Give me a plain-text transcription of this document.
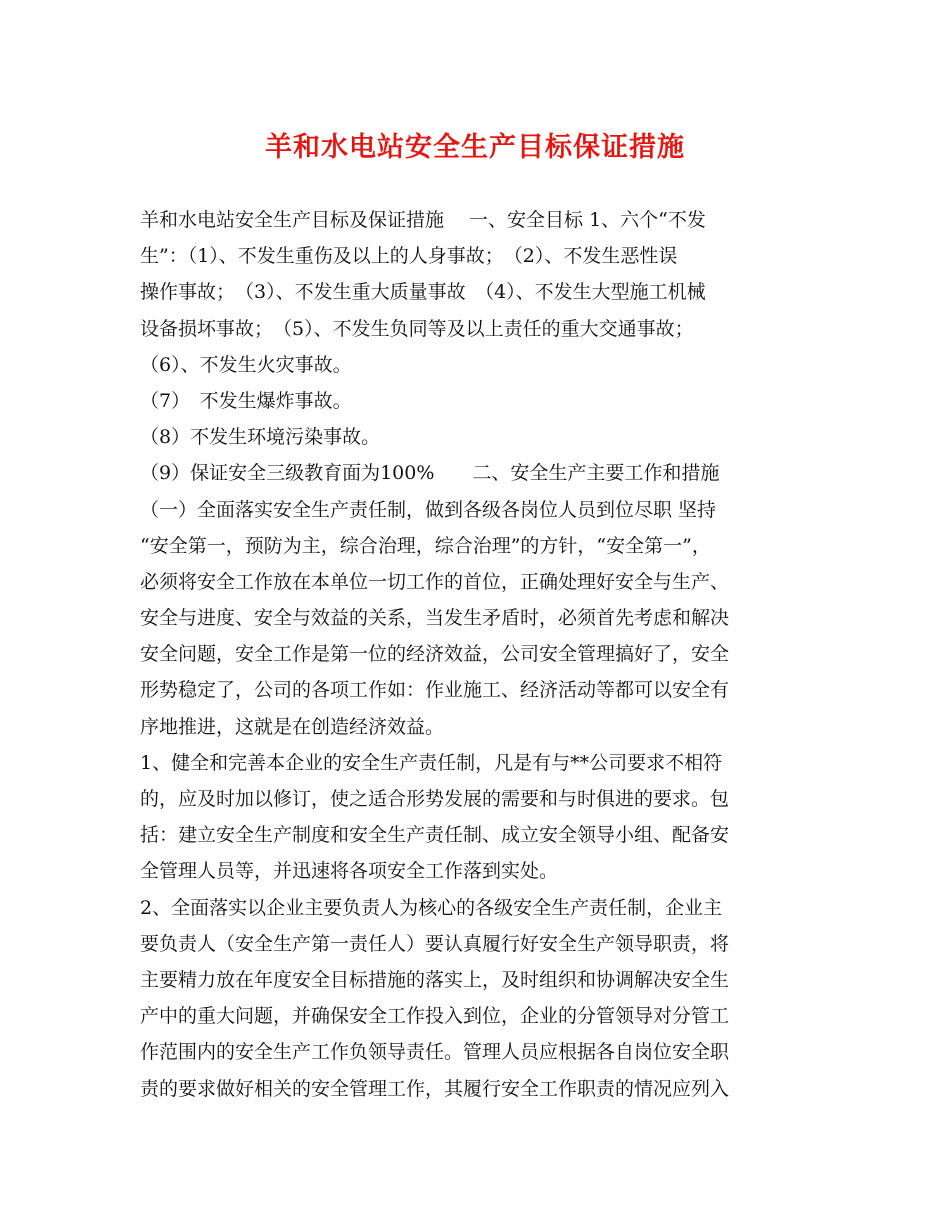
羊和水电站安全生产目标保证措施
羊和水电站安全生产目标及保证措施　 一、安全目标 1、六个“不发
生”：（1）、不发生重伤及以上的人身事故；　（2）、不发生恶性误
操作事故；　（3）、不发生重大质量事故　（4）、不发生大型施工机械
设备损坏事故；　（5）、不发生负同等及以上责任的重大交通事故；
（6）、不发生火灾事故。
（7）　不发生爆炸事故。
（8）不发生环境污染事故。
（9）保证安全三级教育面为100%　　二、安全生产主要工作和措施
（一）全面落实安全生产责任制，做到各级各岗位人员到位尽职 坚持
“安全第一，预防为主，综合治理，综合治理”的方针，“安全第一”，
必须将安全工作放在本单位一切工作的首位，正确处理好安全与生产、
安全与进度、安全与效益的关系，当发生矛盾时，必须首先考虑和解决
安全问题，安全工作是第一位的经济效益，公司安全管理搞好了，安全
形势稳定了，公司的各项工作如：作业施工、经济活动等都可以安全有
序地推进，这就是在创造经济效益。
1、健全和完善本企业的安全生产责任制，凡是有与**公司要求不相符
的，应及时加以修订，使之适合形势发展的需要和与时俱进的要求。包
括：建立安全生产制度和安全生产责任制、成立安全领导小组、配备安
全管理人员等，并迅速将各项安全工作落到实处。
2、全面落实以企业主要负责人为核心的各级安全生产责任制，企业主
要负责人（安全生产第一责任人）要认真履行好安全生产领导职责，将
主要精力放在年度安全目标措施的落实上，及时组织和协调解决安全生
产中的重大问题，并确保安全工作投入到位，企业的分管领导对分管工
作范围内的安全生产工作负领导责任。管理人员应根据各自岗位安全职
责的要求做好相关的安全管理工作，其履行安全工作职责的情况应列入
